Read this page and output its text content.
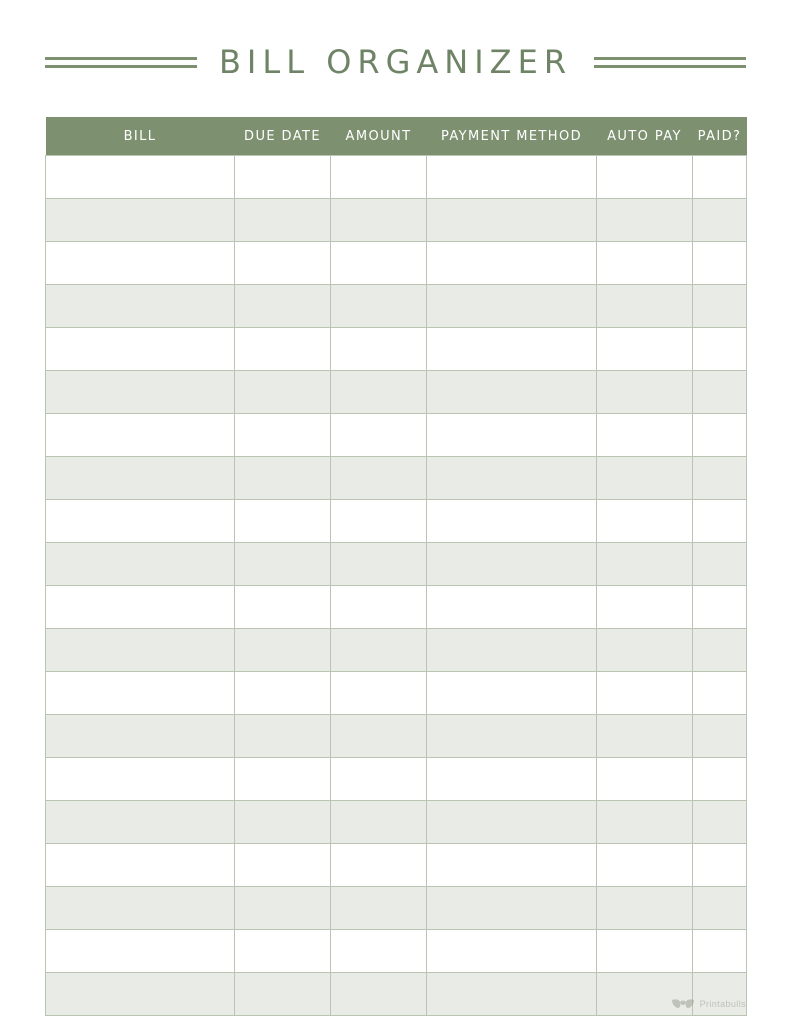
BILL ORGANIZER
BILL	DUE DATE	AMOUNT	PAYMENT METHOD	AUTO PAY	PAID?

Printabulls
